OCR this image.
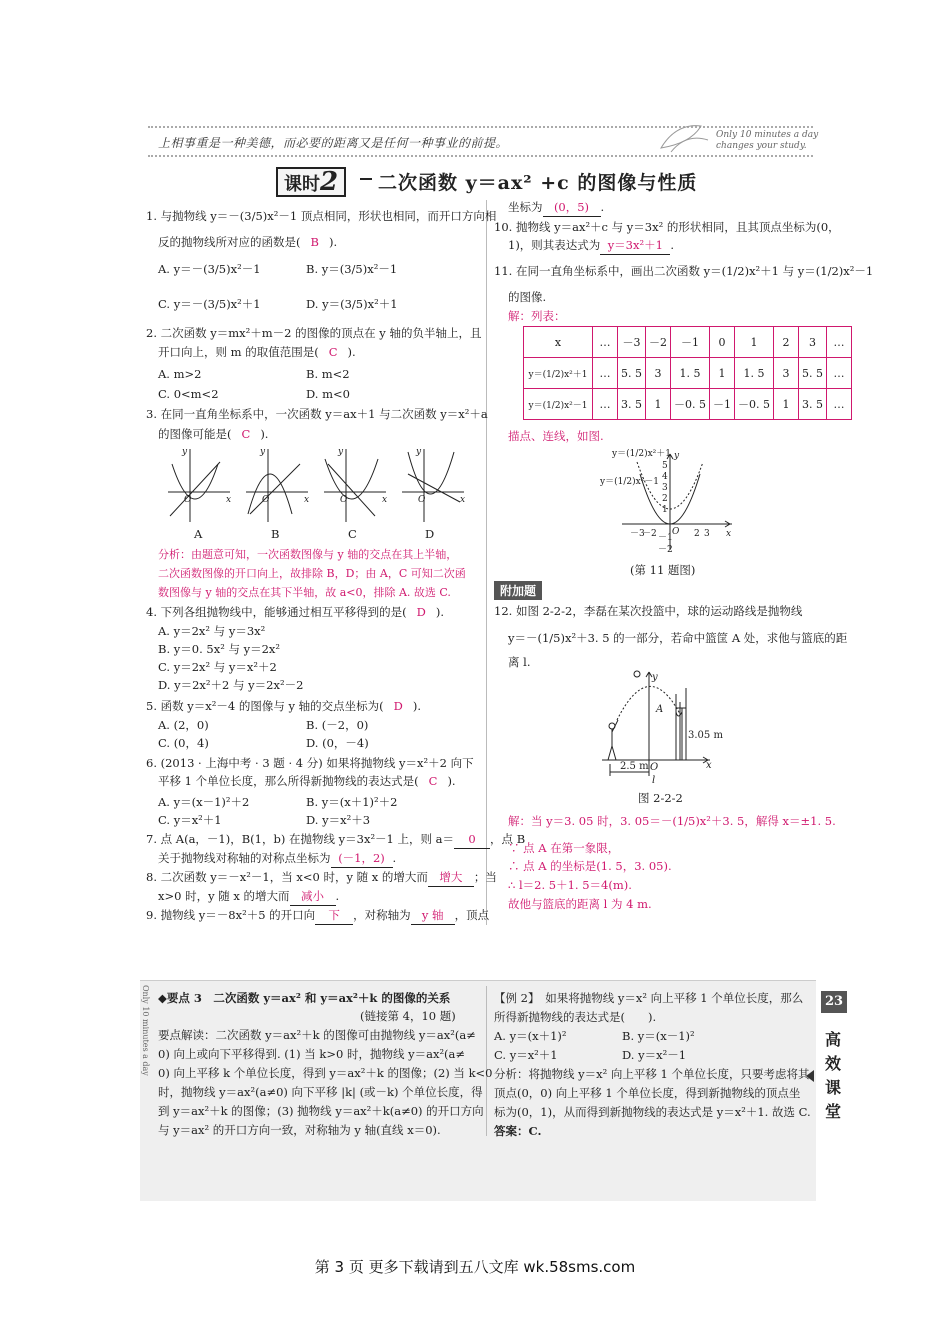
上相事重是一种美德，而必要的距离又是任何一种事业的前提。
Only 10 minutes a day
changes your study.
课时2	二次函数 y＝ax² +c 的图像与性质
1. 与抛物线 y＝－(3/5)x²－1 顶点相同，形状也相同，而开口方向相
反的抛物线所对应的函数是( B ).
A. y＝－(3/5)x²－1	B. y＝(3/5)x²－1
C. y＝－(3/5)x²＋1	D. y＝(3/5)x²＋1
2. 二次函数 y＝mx²＋m－2 的图像的顶点在 y 轴的负半轴上，且
开口向上，则 m 的取值范围是( C ).
A. m>2	B. m<2
C. 0<m<2	D. m<0
3. 在同一直角坐标系中，一次函数 y＝ax＋1 与二次函数 y＝x²＋a
的图像可能是( C ).
y
x
O
y
x
O
y
x
O
y
x
O
A	B	C	D
分析：由题意可知，一次函数图像与 y 轴的交点在其上半轴，
二次函数图像的开口向上，故排除 B，D；由 A，C 可知二次函
数图像与 y 轴的交点在其下半轴，故 a<0，排除 A. 故选 C.
4. 下列各组抛物线中，能够通过相互平移得到的是( D ).
A. y＝2x² 与 y＝3x²
B. y＝0. 5x² 与 y＝2x²
C. y＝2x² 与 y＝x²＋2
D. y＝2x²＋2 与 y＝2x²－2
5. 函数 y＝x²－4 的图像与 y 轴的交点坐标为( D ).
A. (2，0)	B. (－2，0)
C. (0，4)	D. (0，－4)
6. (2013 · 上海中考 · 3 题 · 4 分) 如果将抛物线 y＝x²＋2 向下
平移 1 个单位长度，那么所得新抛物线的表达式是( C ).
A. y＝(x－1)²＋2	B. y＝(x＋1)²＋2
C. y＝x²＋1	D. y＝x²＋3
7. 点 A(a，－1)，B(1，b) 在抛物线 y＝3x²－1 上，则 a＝ 0 ，点 B
关于抛物线对称轴的对称点坐标为 (－1，2) .
8. 二次函数 y＝－x²－1，当 x<0 时，y 随 x 的增大而 增大 ；当
x>0 时，y 随 x 的增大而 减小 .
9. 抛物线 y＝－8x²＋5 的开口向 下 ，对称轴为 y 轴 ，顶点
坐标为 (0，5) .
10. 抛物线 y＝ax²＋c 与 y＝3x² 的形状相同，且其顶点坐标为(0，
1)，则其表达式为 y＝3x²＋1 .
11. 在同一直角坐标系中，画出二次函数 y＝(1/2)x²＋1 与 y＝(1/2)x²－1
的图像.
解：列表：
x	…	－3	－2	－1	0	1	2	3	…
y＝(1/2)x²＋1	…	5. 5	3	1. 5	1	1. 5	3	5. 5	…
y＝(1/2)x²－1	…	3. 5	1	－0. 5	－1	－0. 5	1	3. 5	…
描点、连线，如图.
y
x
O
5
4
3
2
1
－1
－2
－3
－2	2 3
y＝(1/2)x²＋1
y＝(1/2)x²－1
(第 11 题图)
附加题
12. 如图 2-2-2，李磊在某次投篮中，球的运动路线是抛物线
y＝－(1/5)x²＋3. 5 的一部分，若命中篮筐 A 处，求他与篮底的距
离 l.
A
3.05 m
2.5 m O
l
x
y
图 2-2-2
解：当 y＝3. 05 时，3. 05＝－(1/5)x²＋3. 5，解得 x＝±1. 5.
∵ 点 A 在第一象限，
∴ 点 A 的坐标是(1. 5，3. 05).
∴ l＝2. 5＋1. 5＝4(m).
故他与篮底的距离 l 为 4 m.
Only 10 minutes a day ◆要点 3　二次函数 y＝ax² 和 y＝ax²＋k 的图像的关系
(链接第 4，10 题)
要点解读：二次函数 y＝ax²＋k 的图像可由抛物线 y＝ax²(a≠
0) 向上或向下平移得到. (1) 当 k>0 时，抛物线 y＝ax²(a≠
0) 向上平移 k 个单位长度，得到 y＝ax²＋k 的图像；(2) 当 k<0
时，抛物线 y＝ax²(a≠0) 向下平移 |k| (或－k) 个单位长度，得
到 y＝ax²＋k 的图像；(3) 抛物线 y＝ax²＋k(a≠0) 的开口方向
与 y＝ax² 的开口方向一致，对称轴为 y 轴(直线 x＝0).
【例 2】　如果将抛物线 y＝x² 向上平移 1 个单位长度，那么
所得新抛物线的表达式是(　　).
A. y＝(x＋1)²	B. y＝(x－1)²
C. y＝x²＋1	D. y＝x²－1
分析：将抛物线 y＝x² 向上平移 1 个单位长度，只要考虑将其
顶点(0，0) 向上平移 1 个单位长度，得到新抛物线的顶点坐
标为(0，1)，从而得到新抛物线的表达式是 y＝x²＋1. 故选 C.
答案：C.
23
高
效
课
堂
第 3 页 更多下载请到五八文库 wk.58sms.com
